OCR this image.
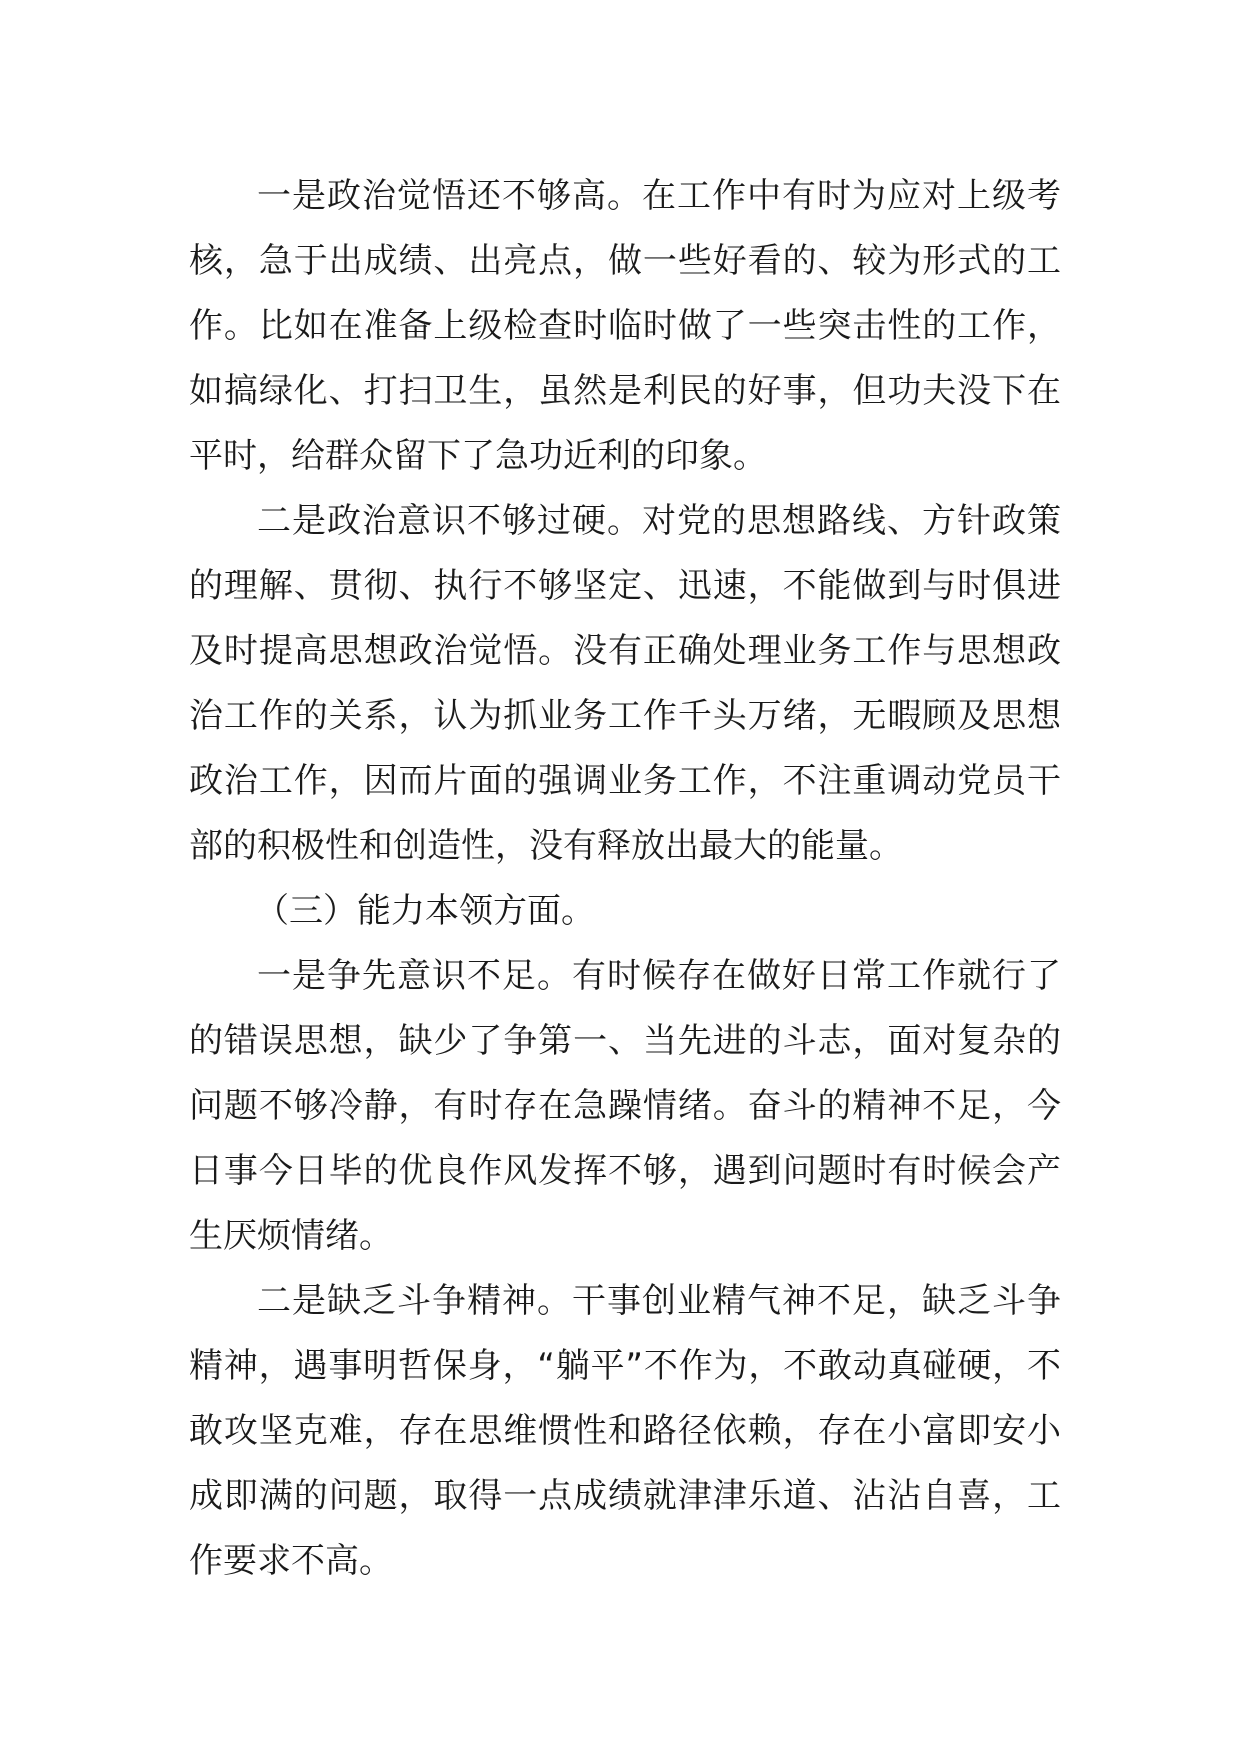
一是政治觉悟还不够高。在工作中有时为应对上级考核，急于出成绩、出亮点，做一些好看的、较为形式的工作。比如在准备上级检查时临时做了一些突击性的工作，如搞绿化、打扫卫生，虽然是利民的好事，但功夫没下在平时，给群众留下了急功近利的印象。

二是政治意识不够过硬。对党的思想路线、方针政策的理解、贯彻、执行不够坚定、迅速，不能做到与时俱进及时提高思想政治觉悟。没有正确处理业务工作与思想政治工作的关系，认为抓业务工作千头万绪，无暇顾及思想政治工作，因而片面的强调业务工作，不注重调动党员干部的积极性和创造性，没有释放出最大的能量。

（三）能力本领方面。

一是争先意识不足。有时候存在做好日常工作就行了的错误思想，缺少了争第一、当先进的斗志，面对复杂的问题不够冷静，有时存在急躁情绪。奋斗的精神不足，今日事今日毕的优良作风发挥不够，遇到问题时有时候会产生厌烦情绪。

二是缺乏斗争精神。干事创业精气神不足，缺乏斗争精神，遇事明哲保身，“躺平”不作为，不敢动真碰硬，不敢攻坚克难，存在思维惯性和路径依赖，存在小富即安小成即满的问题，取得一点成绩就津津乐道、沾沾自喜，工作要求不高。
